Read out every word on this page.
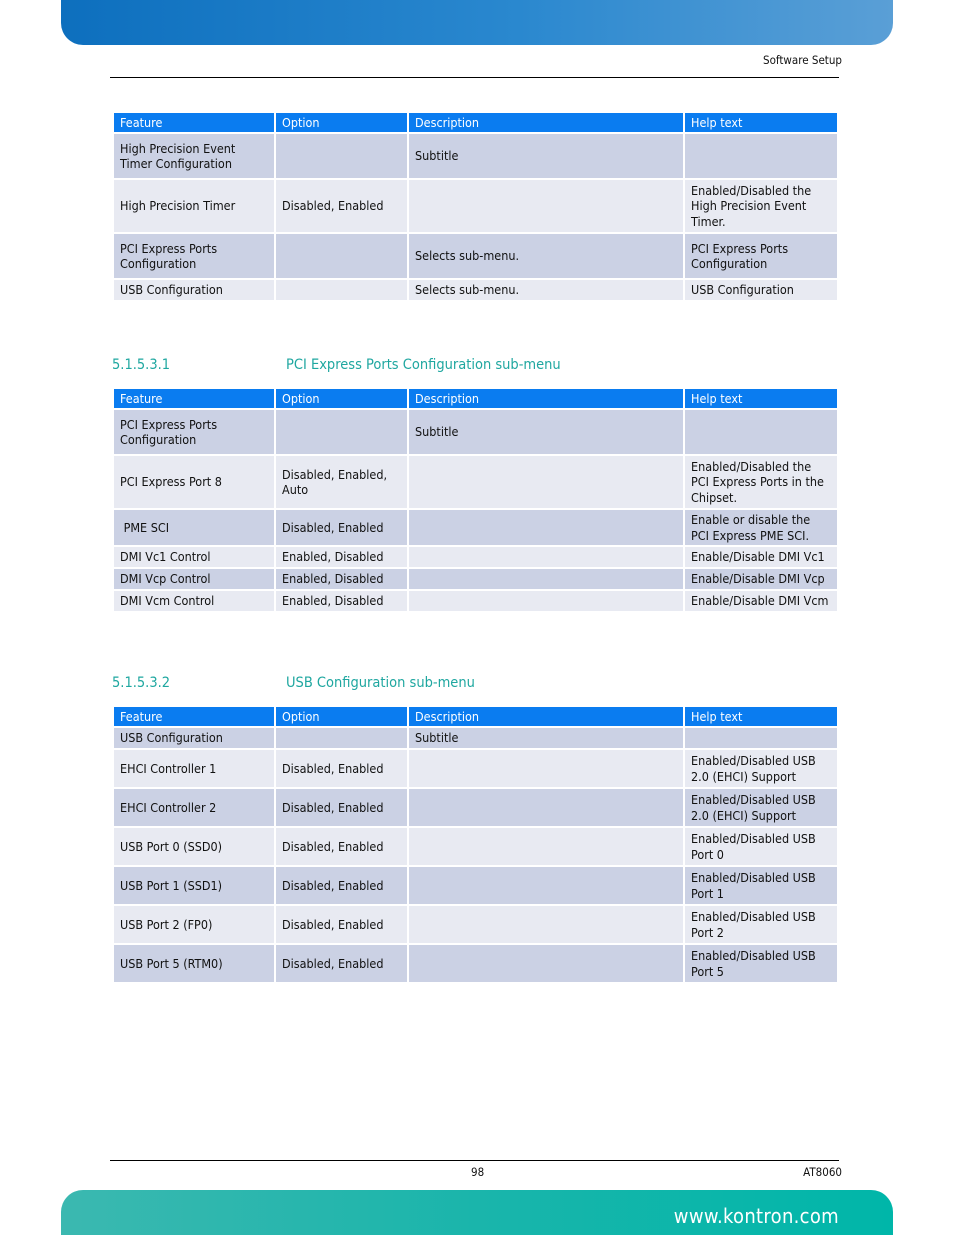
Software Setup
Feature	Option	Description	Help text
High Precision Event Timer Configuration		Subtitle	
High Precision Timer	Disabled, Enabled		Enabled/Disabled the High Precision Event Timer.
PCI Express Ports Configuration		Selects sub-menu.	PCI Express Ports Configuration
USB Configuration		Selects sub-menu.	USB Configuration
5.1.5.3.1	PCI Express Ports Configuration sub-menu
Feature	Option	Description	Help text
PCI Express Ports Configuration		Subtitle	
PCI Express Port 8	Disabled, Enabled, Auto		Enabled/Disabled the PCI Express Ports in the Chipset.
PME SCI	Disabled, Enabled		Enable or disable the PCI Express PME SCI.
DMI Vc1 Control	Enabled, Disabled		Enable/Disable DMI Vc1
DMI Vcp Control	Enabled, Disabled		Enable/Disable DMI Vcp
DMI Vcm Control	Enabled, Disabled		Enable/Disable DMI Vcm
5.1.5.3.2	USB Configuration sub-menu
Feature	Option	Description	Help text
USB Configuration		Subtitle	
EHCI Controller 1	Disabled, Enabled		Enabled/Disabled USB 2.0 (EHCI) Support
EHCI Controller 2	Disabled, Enabled		Enabled/Disabled USB 2.0 (EHCI) Support
USB Port 0 (SSD0)	Disabled, Enabled		Enabled/Disabled USB Port 0
USB Port 1 (SSD1)	Disabled, Enabled		Enabled/Disabled USB Port 1
USB Port 2 (FP0)	Disabled, Enabled		Enabled/Disabled USB Port 2
USB Port 5 (RTM0)	Disabled, Enabled		Enabled/Disabled USB Port 5
98	AT8060
www.kontron.com
